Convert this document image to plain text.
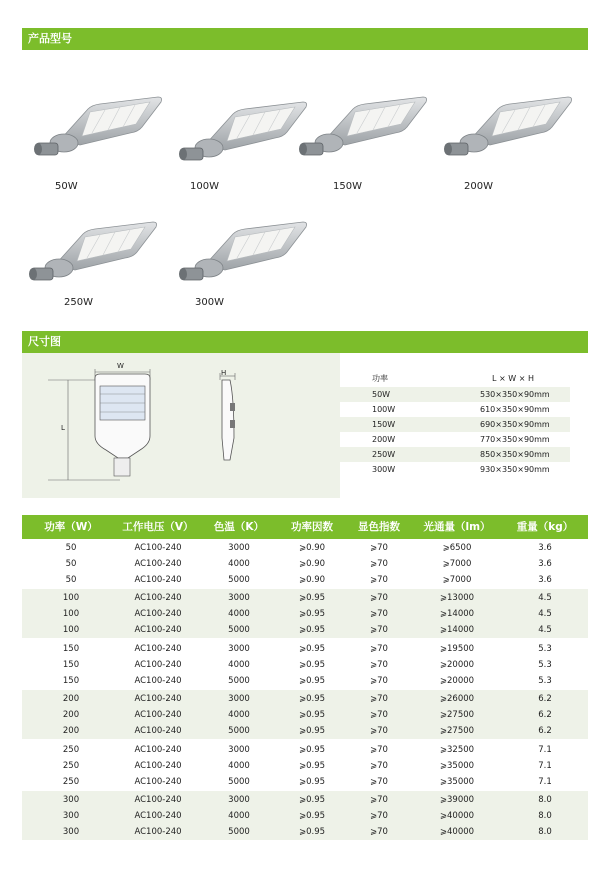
产品型号
50W	100W	150W	200W
250W	300W
尺寸图
W
L
H
功率	L × W × H
50W	530×350×90mm
100W	610×350×90mm
150W	690×350×90mm
200W	770×350×90mm
250W	850×350×90mm
300W	930×350×90mm
功率（W）	工作电压（V）	色温（K）	功率因数	显色指数	光通量（lm）	重量（kg）
50	AC100-240	3000	⩾0.90	⩾70	⩾6500	3.6
50	AC100-240	4000	⩾0.90	⩾70	⩾7000	3.6
50	AC100-240	5000	⩾0.90	⩾70	⩾7000	3.6
100	AC100-240	3000	⩾0.95	⩾70	⩾13000	4.5
100	AC100-240	4000	⩾0.95	⩾70	⩾14000	4.5
100	AC100-240	5000	⩾0.95	⩾70	⩾14000	4.5
150	AC100-240	3000	⩾0.95	⩾70	⩾19500	5.3
150	AC100-240	4000	⩾0.95	⩾70	⩾20000	5.3
150	AC100-240	5000	⩾0.95	⩾70	⩾20000	5.3
200	AC100-240	3000	⩾0.95	⩾70	⩾26000	6.2
200	AC100-240	4000	⩾0.95	⩾70	⩾27500	6.2
200	AC100-240	5000	⩾0.95	⩾70	⩾27500	6.2
250	AC100-240	3000	⩾0.95	⩾70	⩾32500	7.1
250	AC100-240	4000	⩾0.95	⩾70	⩾35000	7.1
250	AC100-240	5000	⩾0.95	⩾70	⩾35000	7.1
300	AC100-240	3000	⩾0.95	⩾70	⩾39000	8.0
300	AC100-240	4000	⩾0.95	⩾70	⩾40000	8.0
300	AC100-240	5000	⩾0.95	⩾70	⩾40000	8.0
